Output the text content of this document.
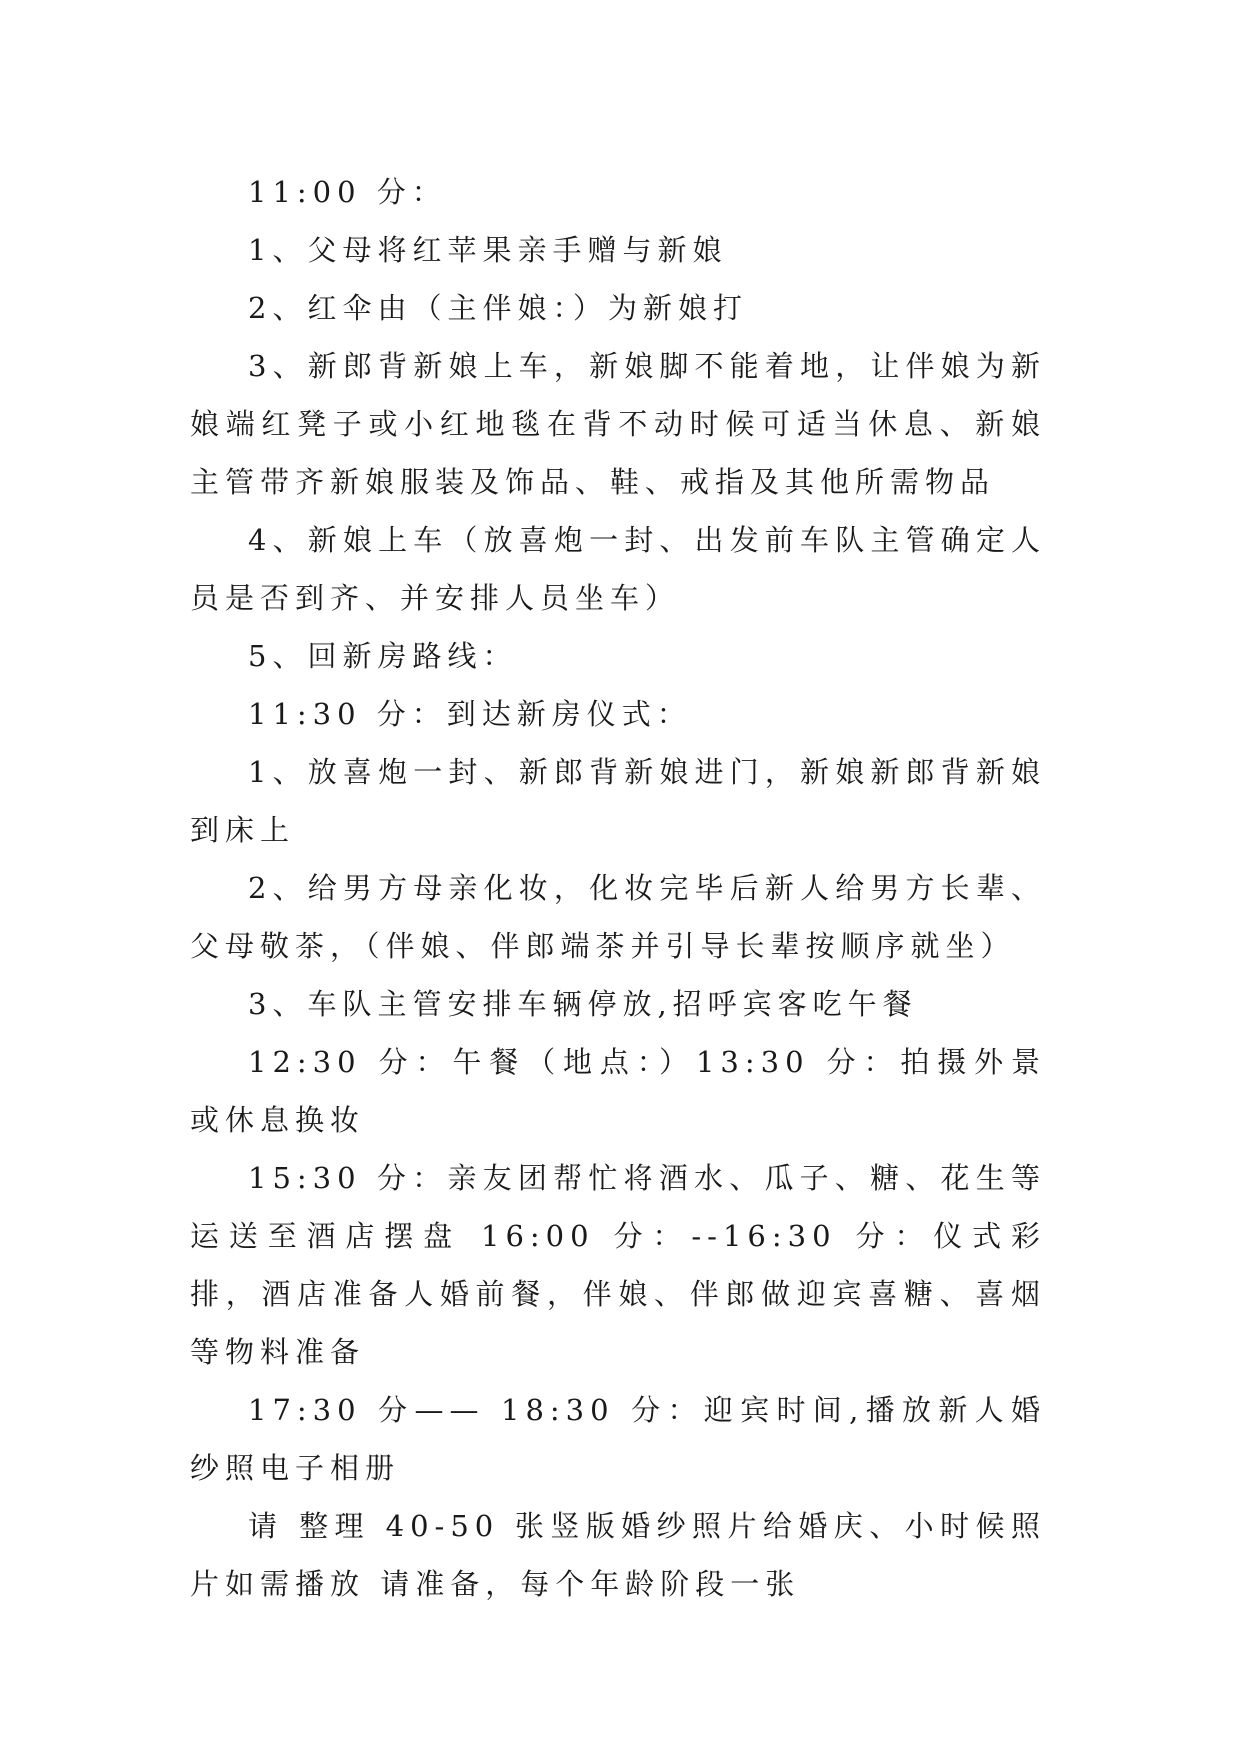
11:00 分：

1、父母将红苹果亲手赠与新娘

2、红伞由（主伴娘：）为新娘打

3、新郎背新娘上车，新娘脚不能着地，让伴娘为新娘端红凳子或小红地毯在背不动时候可适当休息、新娘主管带齐新娘服装及饰品、鞋、戒指及其他所需物品

4、新娘上车（放喜炮一封、出发前车队主管确定人员是否到齐、并安排人员坐车）

5、回新房路线：

11:30 分：到达新房仪式：

1、放喜炮一封、新郎背新娘进门，新娘新郎背新娘到床上

2、给男方母亲化妆，化妆完毕后新人给男方长辈、父母敬茶，（伴娘、伴郎端茶并引导长辈按顺序就坐）

3、车队主管安排车辆停放,招呼宾客吃午餐

12:30 分：午餐（地点：）13:30 分：拍摄外景或休息换妆

15:30 分：亲友团帮忙将酒水、瓜子、糖、花生等运送至酒店摆盘 16:00 分：--16:30 分：仪式彩排，酒店准备人婚前餐，伴娘、伴郎做迎宾喜糖、喜烟等物料准备

17:30 分—— 18:30 分：迎宾时间,播放新人婚纱照电子相册

请 整理 40-50 张竖版婚纱照片给婚庆、小时候照片如需播放 请准备，每个年龄阶段一张
